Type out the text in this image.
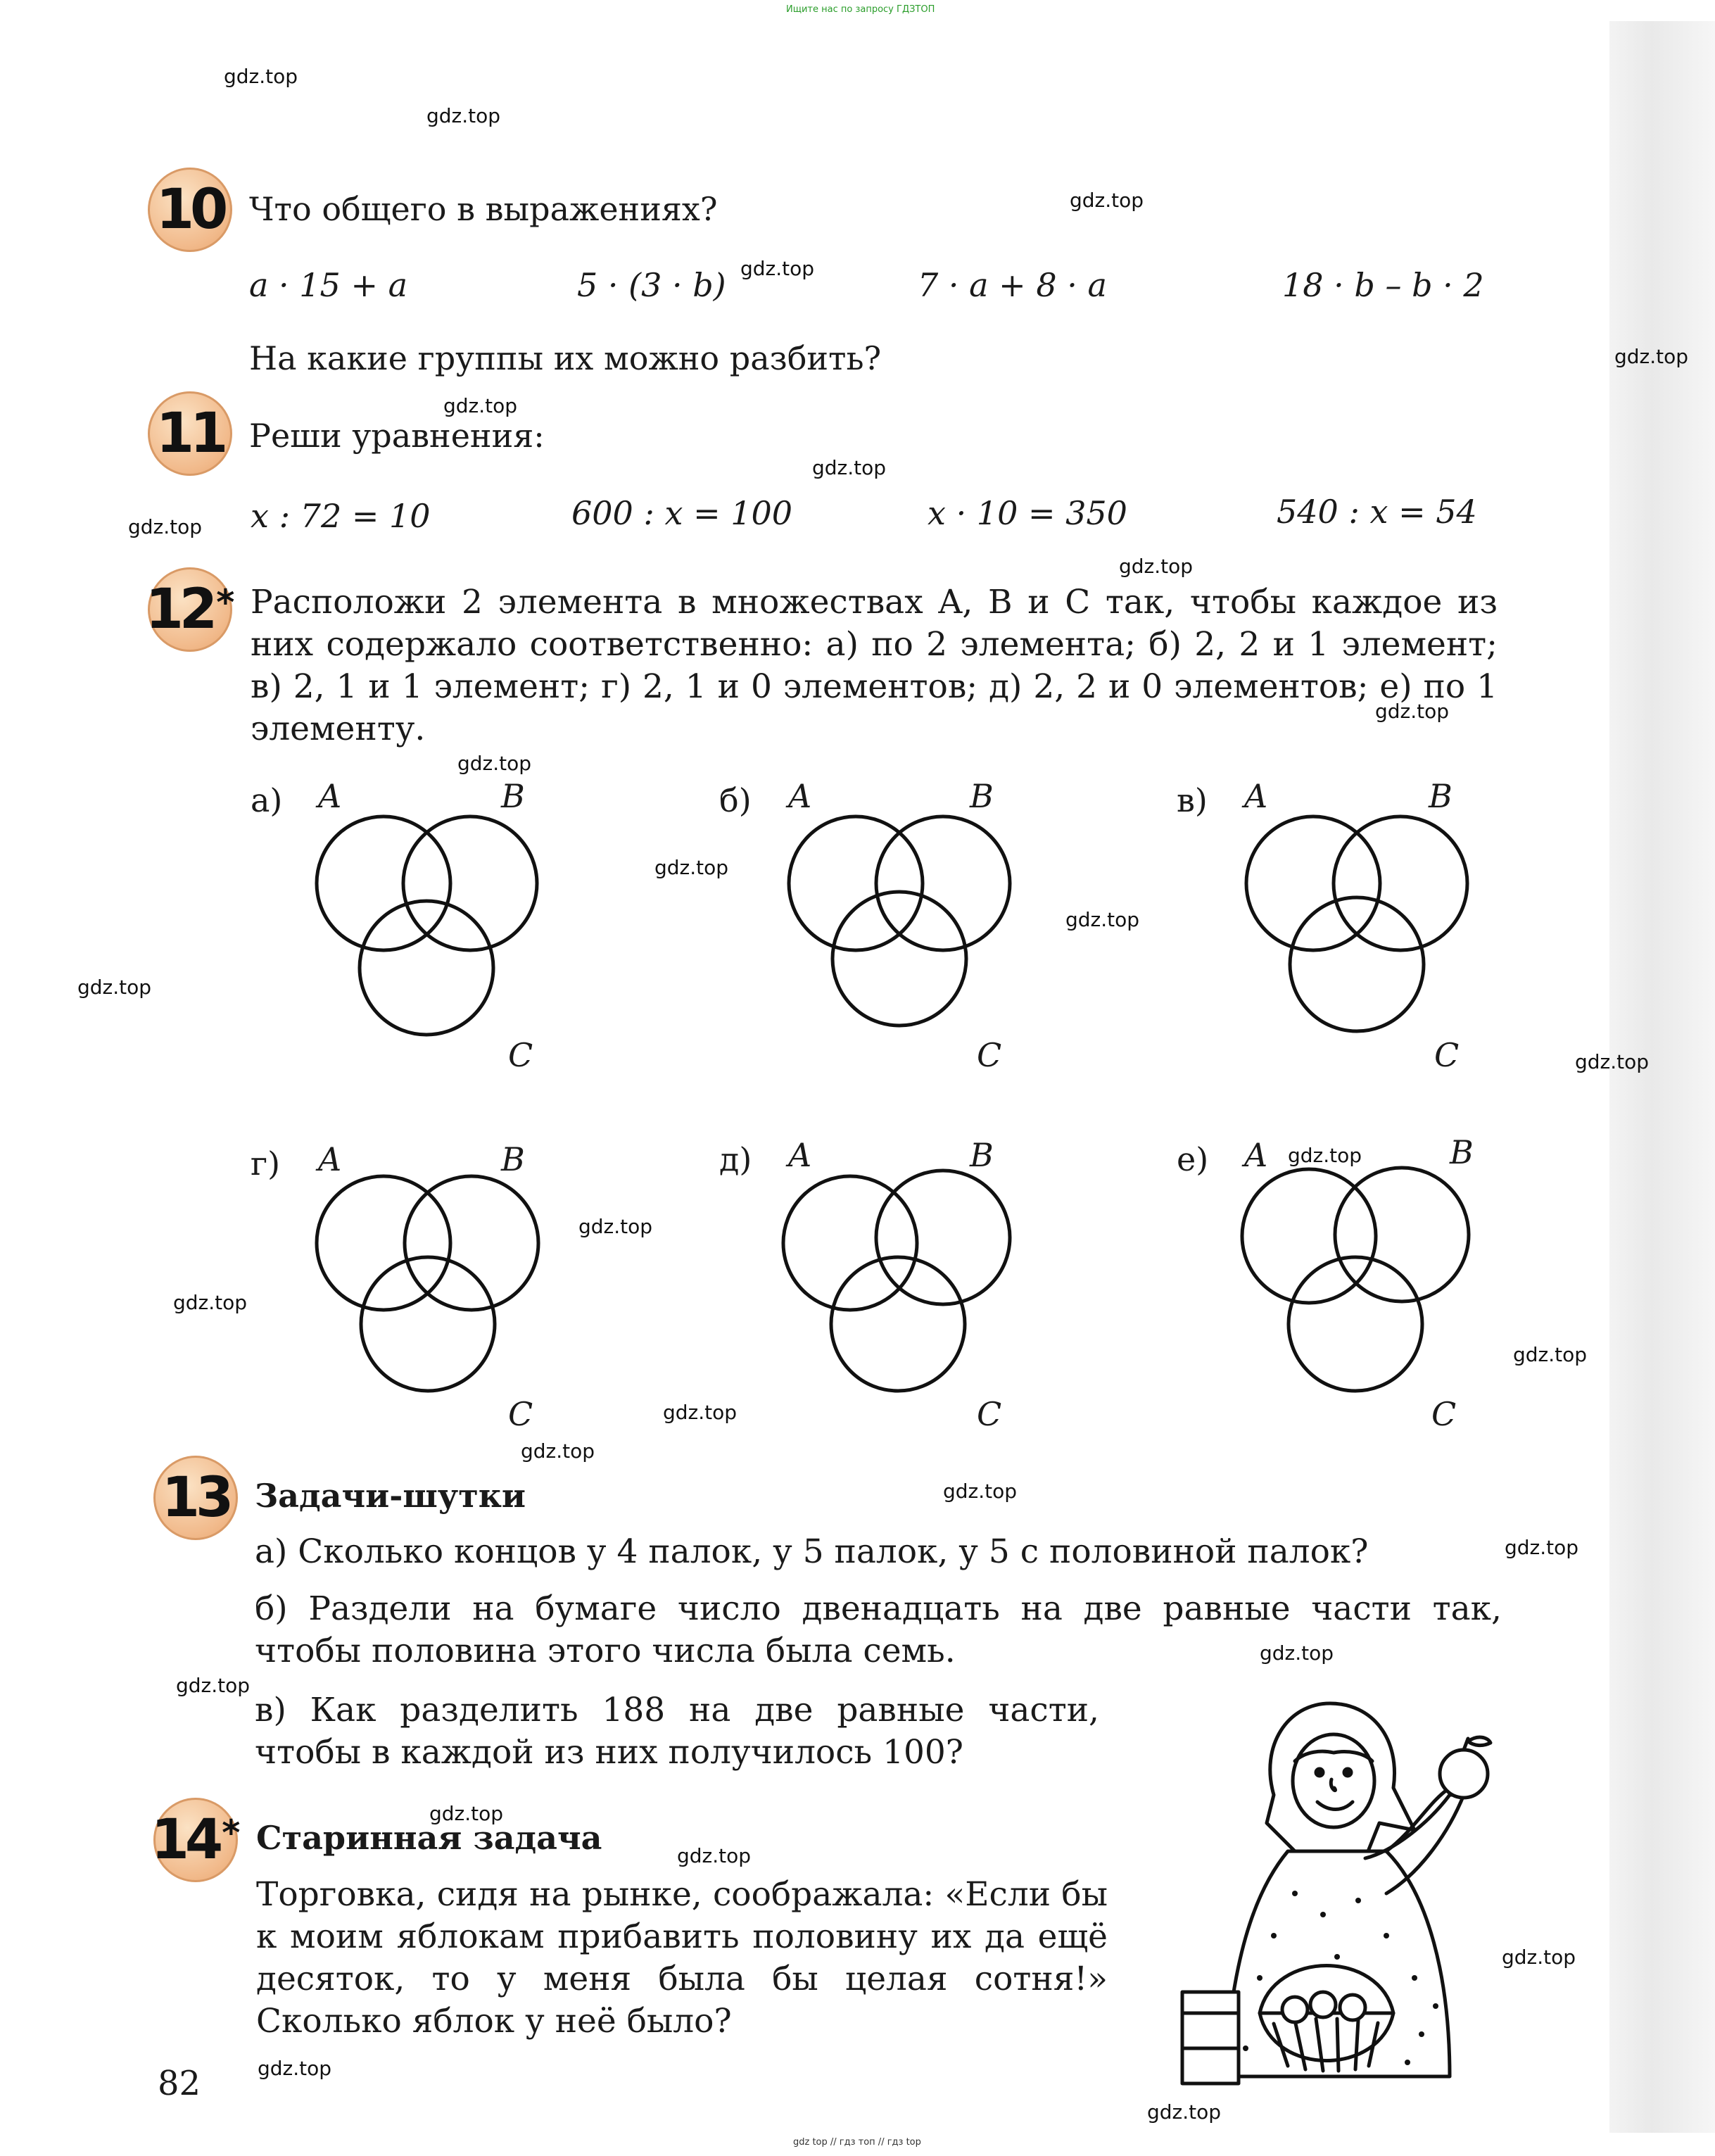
Ищите нас по запросу ГДЗТОП
gdz.top
gdz.top
gdz.top
gdz.top
gdz.top
gdz.top
gdz.top
gdz.top
gdz.top
gdz.top
gdz.top
gdz.top
gdz.top
gdz.top
gdz.top
gdz.top
gdz.top
gdz.top
gdz.top
gdz.top
gdz.top
gdz.top
gdz.top
gdz.top
gdz.top
gdz.top
gdz.top
gdz.top
gdz.top
gdz.top
10 Что общего в выражениях?
a · 15 + a	5 · (3 · b)	7 · a + 8 · a	18 · b – b · 2
На какие группы их можно разбить?
11 Реши уравнения:
x : 72 = 10	600 : x = 100	x · 10 = 350	540 : x = 54
12* Расположи 2 элемента в множествах A, B и C так, чтобы каждое из них содержало соответственно: а) по 2 элемента; б) 2, 2 и 1 элемент; в) 2, 1 и 1 элемент; г) 2, 1 и 0 элементов; д) 2, 2 и 0 элементов; е) по 1 элементу.
а) A	B
C
б) A	B
C
в) A	B
C
г) A	B
C
д) A	B
C
е) A	B
C
13 Задачи-шутки
а) Сколько концов у 4 палок, у 5 палок, у 5 с половиной палок?
б) Раздели на бумаге число двенадцать на две равные части так, чтобы половина этого числа была семь.
в) Как разделить 188 на две равные части, чтобы в каждой из них получилось 100?
14* Старинная задача
Торговка, сидя на рынке, соображала: «Если бы к моим яблокам прибавить половину их да ещё десяток, то у меня была бы целая сотня!» Сколько яблок у неё было?
82
gdz top // гдз топ // гдз top
